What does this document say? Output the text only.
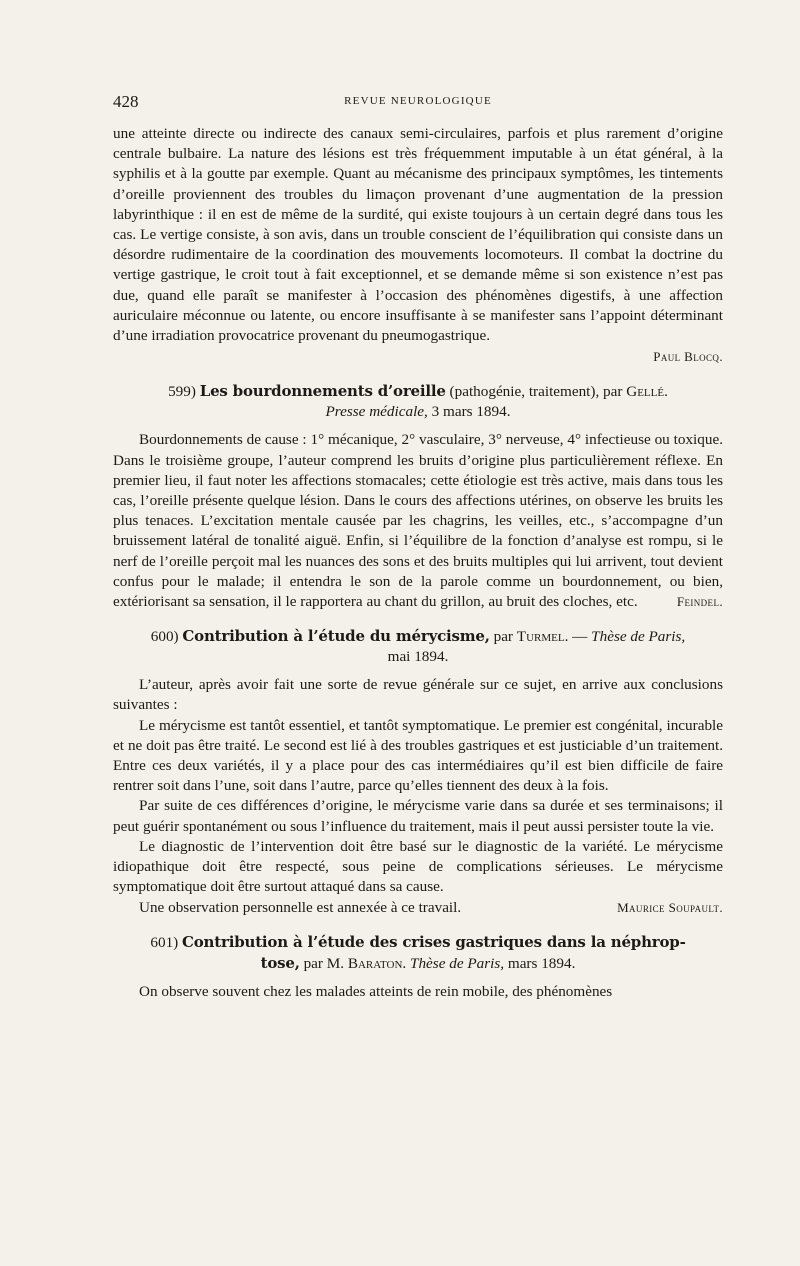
428	REVUE NEUROLOGIQUE

une atteinte directe ou indirecte des canaux semi-circulaires, parfois et plus rarement d’origine centrale bulbaire. La nature des lésions est très fréquemment imputable à un état général, à la syphilis et à la goutte par exemple. Quant au mécanisme des principaux symptômes, les tintements d’oreille proviennent des troubles du limaçon provenant d’une augmentation de la pression labyrinthique : il en est de même de la surdité, qui existe toujours à un certain degré dans tous les cas. Le vertige consiste, à son avis, dans un trouble conscient de l’équilibration qui consiste dans un désordre rudimentaire de la coordination des mouvements locomoteurs. Il combat la doctrine du vertige gastrique, le croit tout à fait exceptionnel, et se demande même si son existence n’est pas due, quand elle paraît se manifester à l’occasion des phénomènes digestifs, à une affection auriculaire méconnue ou latente, ou encore insuffisante à se manifester sans l’appoint déterminant d’une irradiation provocatrice provenant du pneumogastrique.

Paul Blocq.

599) Les bourdonnements d’oreille (pathogénie, traitement), par Gellé.
Presse médicale, 3 mars 1894.

Bourdonnements de cause : 1° mécanique, 2° vasculaire, 3° nerveuse, 4° infectieuse ou toxique. Dans le troisième groupe, l’auteur comprend les bruits d’origine plus particulièrement réflexe. En premier lieu, il faut noter les affections stomacales; cette étiologie est très active, mais dans tous les cas, l’oreille présente quelque lésion. Dans le cours des affections utérines, on observe les bruits les plus tenaces. L’excitation mentale causée par les chagrins, les veilles, etc., s’accompagne d’un bruissement latéral de tonalité aiguë. Enfin, si l’équilibre de la fonction d’analyse est rompu, si le nerf de l’oreille perçoit mal les nuances des sons et des bruits multiples qui lui arrivent, tout devient confus pour le malade; il entendra le son de la parole comme un bourdonnement, ou bien, extériorisant sa sensation, il le rapportera au chant du grillon, au bruit des cloches, etc.	Feindel.

600) Contribution à l’étude du mérycisme, par Turmel. — Thèse de Paris,
mai 1894.

L’auteur, après avoir fait une sorte de revue générale sur ce sujet, en arrive aux conclusions suivantes :

Le mérycisme est tantôt essentiel, et tantôt symptomatique. Le premier est congénital, incurable et ne doit pas être traité. Le second est lié à des troubles gastriques et est justiciable d’un traitement. Entre ces deux variétés, il y a place pour des cas intermédiaires qu’il est bien difficile de faire rentrer soit dans l’une, soit dans l’autre, parce qu’elles tiennent des deux à la fois.

Par suite de ces différences d’origine, le mérycisme varie dans sa durée et ses terminaisons; il peut guérir spontanément ou sous l’influence du traitement, mais il peut aussi persister toute la vie.

Le diagnostic de l’intervention doit être basé sur le diagnostic de la variété. Le mérycisme idiopathique doit être respecté, sous peine de complications sérieuses. Le mérycisme symptomatique doit être surtout attaqué dans sa cause.

Une observation personnelle est annexée à ce travail.	Maurice Soupault.

601) Contribution à l’étude des crises gastriques dans la néphrop-
tose, par M. Baraton. Thèse de Paris, mars 1894.

On observe souvent chez les malades atteints de rein mobile, des phénomènes
